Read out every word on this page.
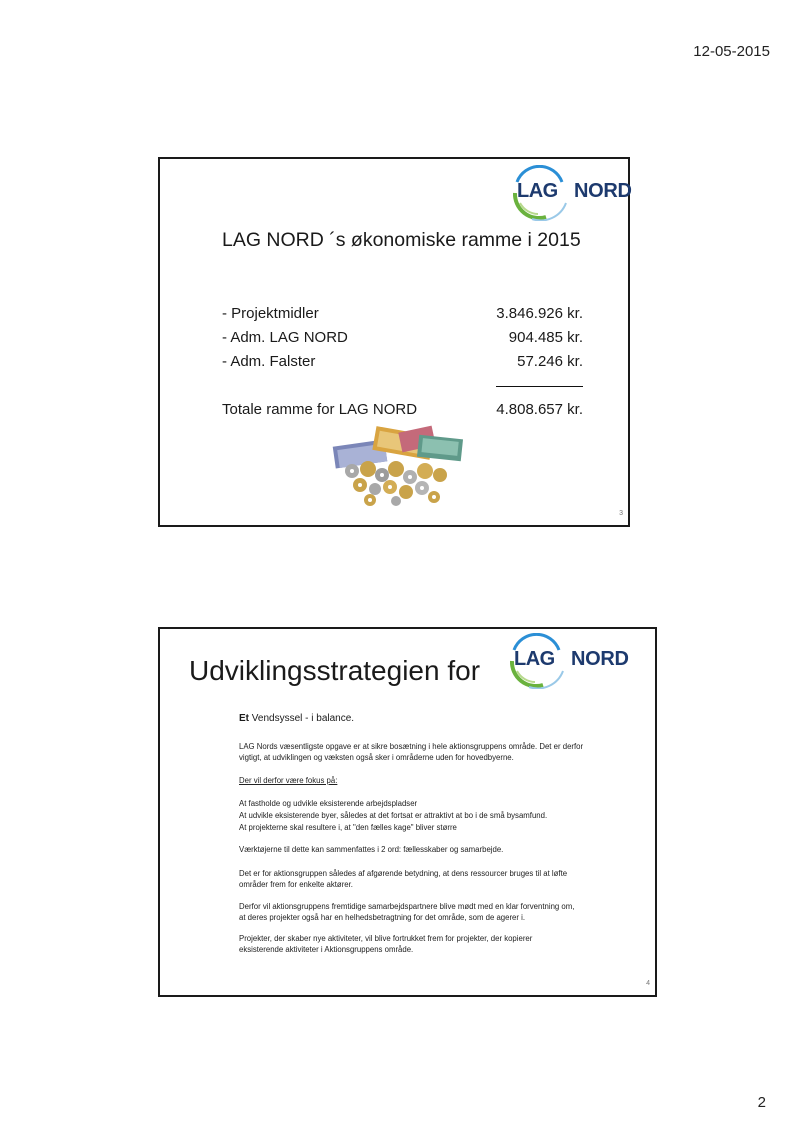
12-05-2015
LAG NORD
LAG NORD ´s økonomiske ramme i 2015
- Projektmidler	3.846.926 kr.
- Adm. LAG NORD	904.485 kr.
- Adm. Falster	57.246 kr.
Totale ramme for LAG NORD	4.808.657 kr.
3
Udviklingsstrategien for LAG NORD
Et Vendsyssel - i balance.
LAG Nords væsentligste opgave er at sikre bosætning i hele aktionsgruppens område. Det er derfor
vigtigt, at udviklingen og væksten også sker i områderne uden for hovedbyerne.
Der vil derfor være fokus på:
At fastholde og udvikle eksisterende arbejdspladser
At udvikle eksisterende byer, således at det fortsat er attraktivt at bo i de små bysamfund.
At projekterne skal resultere i, at "den fælles kage" bliver større
Værktøjerne til dette kan sammenfattes i 2 ord: fællesskaber og samarbejde.
Det er for aktionsgruppen således af afgørende betydning, at dens ressourcer bruges til at løfte
områder frem for enkelte aktører.
Derfor vil aktionsgruppens fremtidige samarbejdspartnere blive mødt med en klar forventning om,
at deres projekter også har en helhedsbetragtning for det område, som de agerer i.
Projekter, der skaber nye aktiviteter, vil blive fortrukket frem for projekter, der kopierer
eksisterende aktiviteter i Aktionsgruppens område.
4
2
